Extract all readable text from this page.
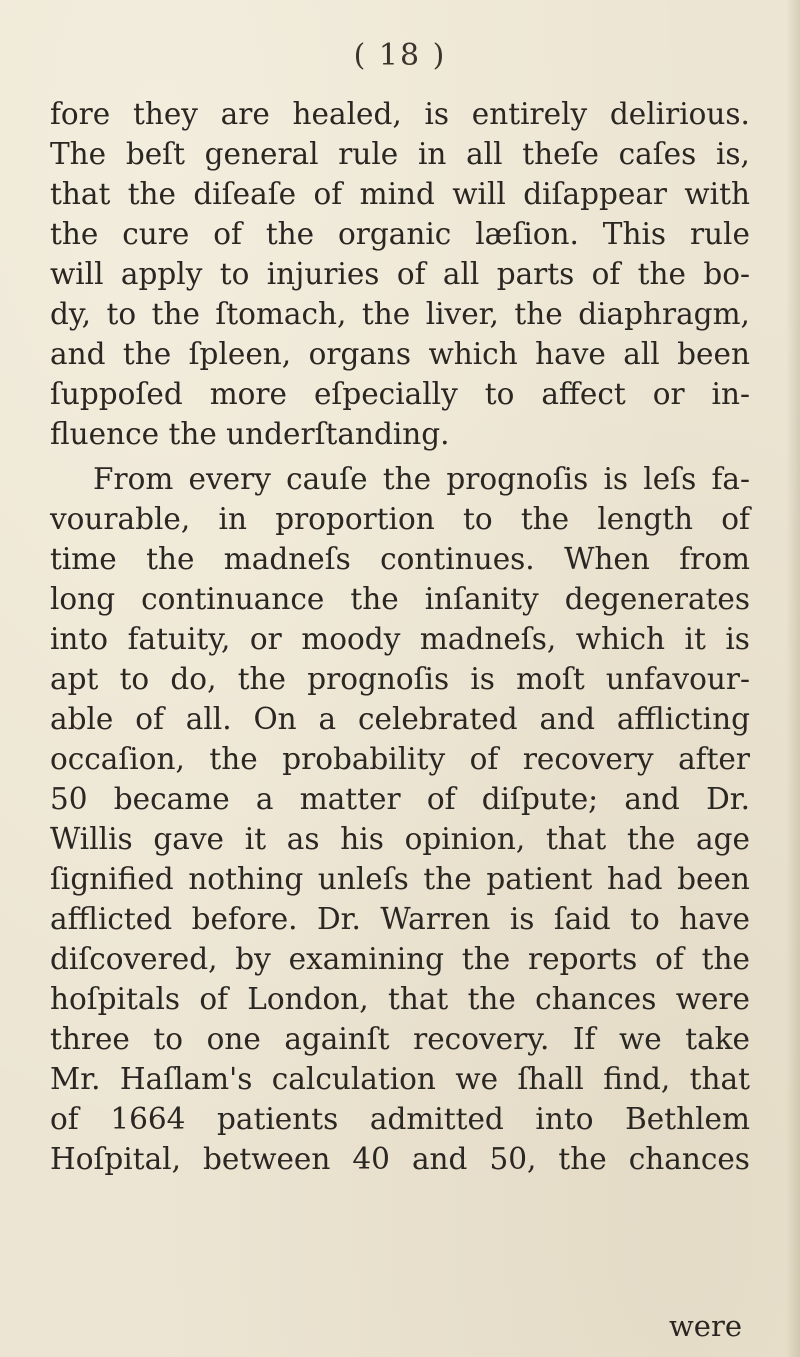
( 18 )
fore they are healed, is entirely delirious.
The beſt general rule in all theſe caſes is,
that the diſeaſe of mind will diſappear with
the cure of the organic læſion. This rule
will apply to injuries of all parts of the bo-
dy, to the ſtomach, the liver, the diaphragm,
and the ſpleen, organs which have all been
ſuppoſed more eſpecially to affect or in-
fluence the underſtanding.
From every cauſe the prognoſis is leſs fa-
vourable, in proportion to the length of
time the madneſs continues. When from
long continuance the inſanity degenerates
into fatuity, or moody madneſs, which it is
apt to do, the prognoſis is moſt unfavour-
able of all. On a celebrated and afflicting
occaſion, the probability of recovery after
50 became a matter of diſpute; and Dr.
Willis gave it as his opinion, that the age
ſignified nothing unleſs the patient had been
afflicted before. Dr. Warren is ſaid to have
diſcovered, by examining the reports of the
hoſpitals of London, that the chances were
three to one againſt recovery. If we take
Mr. Haſlam's calculation we ſhall find, that
of 1664 patients admitted into Bethlem
Hoſpital, between 40 and 50, the chances
were
